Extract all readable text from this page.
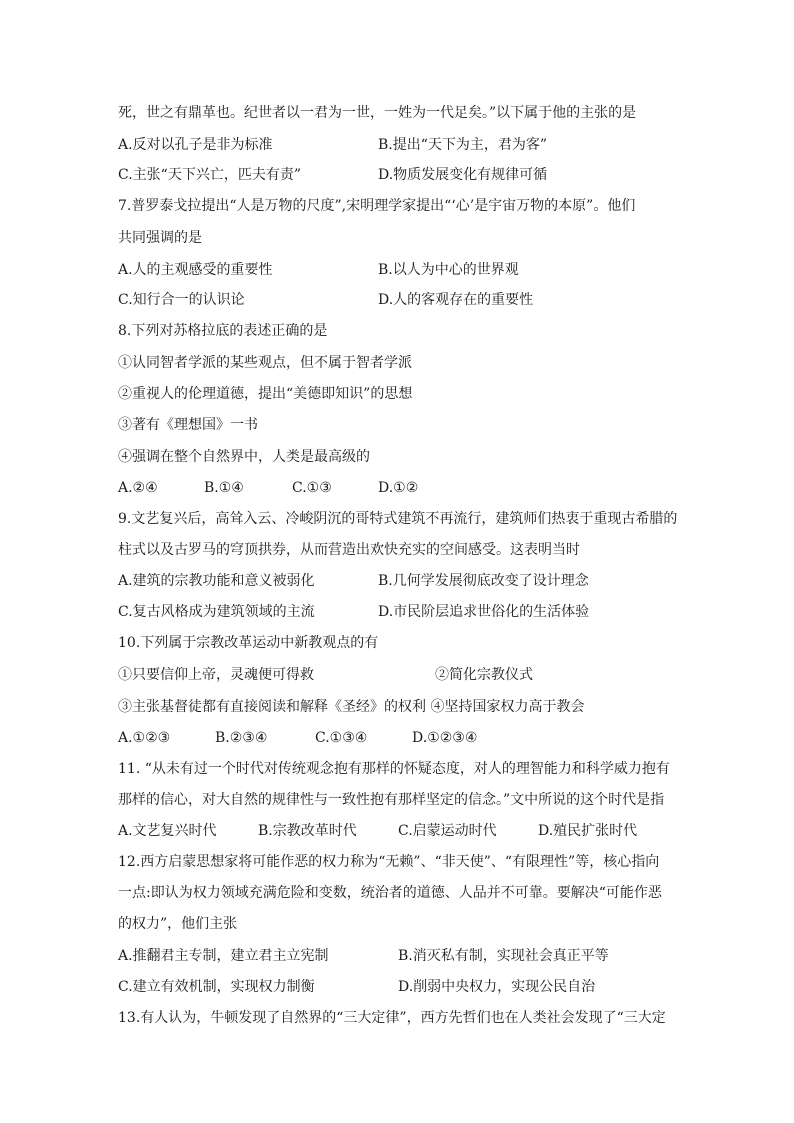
死，世之有鼎革也。纪世者以一君为一世，一姓为一代足矣。”以下属于他的主张的是
A.反对以孔子是非为标准	B.提出“天下为主，君为客”
C.主张“天下兴亡，匹夫有责”	D.物质发展变化有规律可循
7.普罗泰戈拉提出“人是万物的尺度”,宋明理学家提出“‘心’是宇宙万物的本原”。他们
共同强调的是
A.人的主观感受的重要性	B.以人为中心的世界观
C.知行合一的认识论	D.人的客观存在的重要性
8.下列对苏格拉底的表述正确的是
①认同智者学派的某些观点，但不属于智者学派
②重视人的伦理道德，提出“美德即知识”的思想
③著有《理想国》一书
④强调在整个自然界中，人类是最高级的
A.②④	B.①④	C.①③	D.①②
9.文艺复兴后，高耸入云、冷峻阴沉的哥特式建筑不再流行，建筑师们热衷于重现古希腊的
柱式以及古罗马的穹顶拱券，从而营造出欢快充实的空间感受。这表明当时
A.建筑的宗教功能和意义被弱化	B.几何学发展彻底改变了设计理念
C.复古风格成为建筑领域的主流	D.市民阶层追求世俗化的生活体验
10.下列属于宗教改革运动中新教观点的有
①只要信仰上帝，灵魂便可得救	②简化宗教仪式
③主张基督徒都有直接阅读和解释《圣经》的权利 ④坚持国家权力高于教会
A.①②③	B.②③④	C.①③④	D.①②③④
11. “从未有过一个时代对传统观念抱有那样的怀疑态度，对人的理智能力和科学威力抱有
那样的信心，对大自然的规律性与一致性抱有那样坚定的信念。”文中所说的这个时代是指
A.文艺复兴时代	B.宗教改革时代	C.启蒙运动时代	D.殖民扩张时代
12.西方启蒙思想家将可能作恶的权力称为“无赖”、“非天使”、“有限理性”等，核心指向
一点:即认为权力领域充满危险和变数，统治者的道德、人品并不可靠。要解决“可能作恶
的权力”，他们主张
A.推翻君主专制，建立君主立宪制	B.消灭私有制，实现社会真正平等
C.建立有效机制，实现权力制衡	D.削弱中央权力，实现公民自治
13.有人认为，牛顿发现了自然界的“三大定律”，西方先哲们也在人类社会发现了“三大定
